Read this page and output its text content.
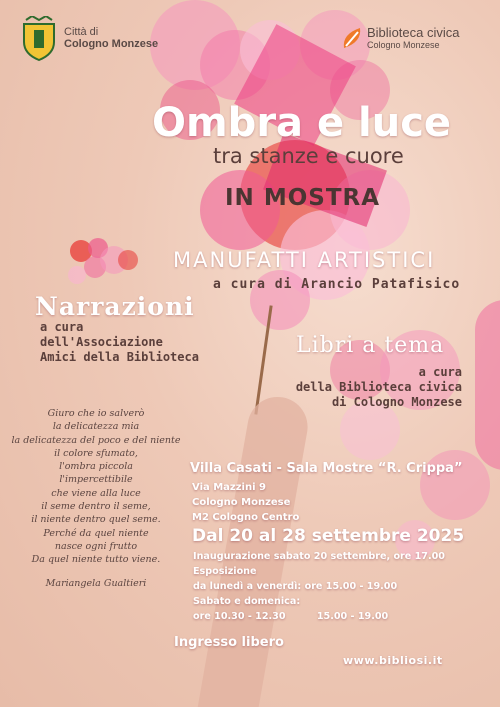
Città di
Cologno Monzese
Biblioteca civica
Cologno Monzese
Ombra e luce
tra stanze e cuore
IN MOSTRA
MANUFATTI ARTISTICI
a cura di Arancio Patafisico
Narrazioni
a cura
dell'Associazione
Amici della Biblioteca	Libri a tema
a cura
della Biblioteca civica
di Cologno Monzese
Giuro che io salverò
la delicatezza mia
la delicatezza del poco e del niente
il colore sfumato,
l'ombra piccola
l'impercettibile
che viene alla luce
il seme dentro il seme,
il niente dentro quel seme.
Perché da quel niente
nasce ogni frutto
Da quel niente tutto viene.
Mariangela Gualtieri
Villa Casati - Sala Mostre “R. Crippa”
Via Mazzini 9
Cologno Monzese
M2 Cologno Centro
Dal 20 al 28 settembre 2025
Inaugurazione sabato 20 settembre, ore 17.00
Esposizione
da lunedì a venerdì: ore 15.00 - 19.00
Sabato e domenica:
ore 10.30 - 12.30	15.00 - 19.00
Ingresso libero
www.bibliosi.it
